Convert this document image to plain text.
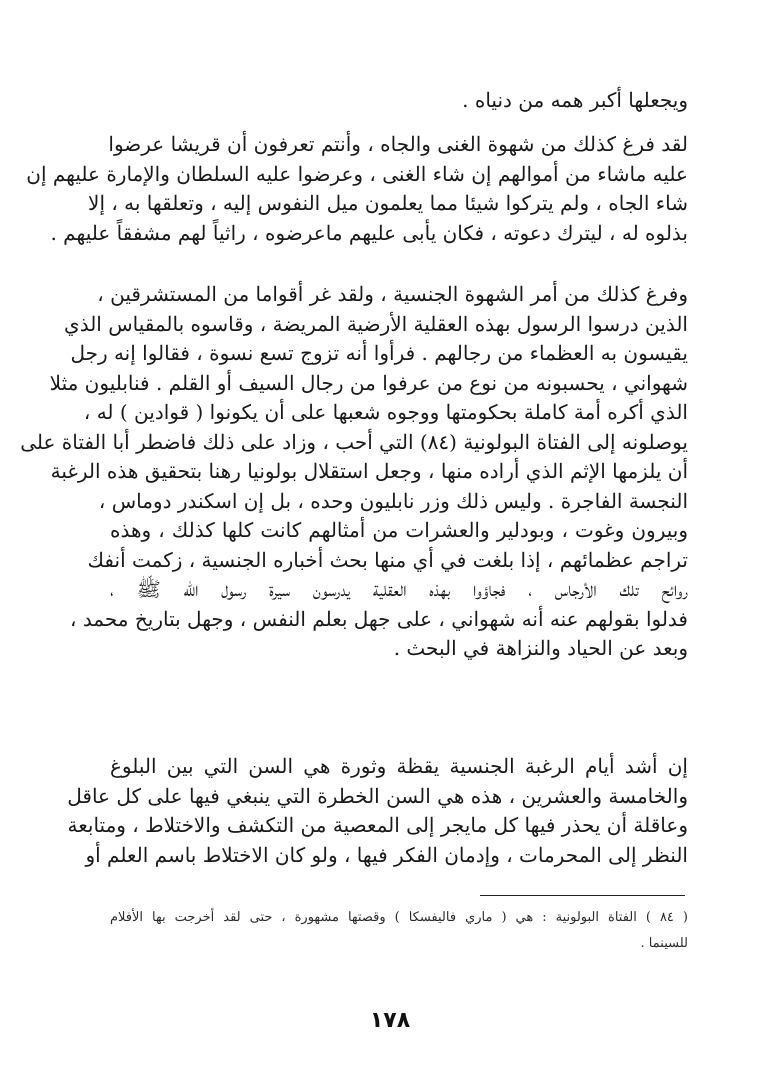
ويجعلها أكبر همه من دنياه .
لقد فرغ كذلك من شهوة الغنى والجاه ، وأنتم تعرفون أن قريشا عرضوا
عليه ماشاء من أموالهم إن شاء الغنى ، وعرضوا عليه السلطان والإمارة عليهم إن
شاء الجاه ، ولم يتركوا شيئا مما يعلمون ميل النفوس إليه ، وتعلقها به ، إلا
بذلوه له ، ليترك دعوته ، فكان يأبى عليهم ماعرضوه ، راثياً لهم مشفقاً عليهم .
وفرغ كذلك من أمر الشهوة الجنسية ، ولقد غر أقواما من المستشرقين ،
الذين درسوا الرسول بهذه العقلية الأرضية المريضة ، وقاسوه بالمقياس الذي
يقيسون به العظماء من رجالهم . فرأوا أنه تزوج تسع نسوة ، فقالوا إنه رجل
شهواني ، يحسبونه من نوع من عرفوا من رجال السيف أو القلم . فنابليون مثلا
الذي أكره أمة كاملة بحكومتها ووجوه شعبها على أن يكونوا ( قوادين ) له ،
يوصلونه إلى الفتاة البولونية (٨٤) التي أحب ، وزاد على ذلك فاضطر أبا الفتاة على
أن يلزمها الإثم الذي أراده منها ، وجعل استقلال بولونيا رهنا بتحقيق هذه الرغبة
النجسة الفاجرة . وليس ذلك وزر نابليون وحده ، بل إن اسكندر دوماس ،
وبيرون وغوت ، وبودلير والعشرات من أمثالهم كانت كلها كذلك ، وهذه
تراجم عظمائهم ، إذا بلغت في أي منها بحث أخباره الجنسية ، زكمت أنفك
روائح تلك الأرجاس ، فجاؤوا بهذه العقلية يدرسون سيرة رسول الله ﷺ ،
فدلوا بقولهم عنه أنه شهواني ، على جهل بعلم النفس ، وجهل بتاريخ محمد ،
وبعد عن الحياد والنزاهة في البحث .
إن أشد أيام الرغبة الجنسية يقظة وثورة هي السن التي بين البلوغ
والخامسة والعشرين ، هذه هي السن الخطرة التي ينبغي فيها على كل عاقل
وعاقلة أن يحذر فيها كل مايجر إلى المعصية من التكشف والاختلاط ، ومتابعة
النظر إلى المحرمات ، وإدمان الفكر فيها ، ولو كان الاختلاط باسم العلم أو
( ٨٤ ) الفتاة البولونية : هي ( ماري فاليفسكا ) وقصتها مشهورة ، حتى لقد أخرجت بها الأفلام
للسينما .
١٧٨
